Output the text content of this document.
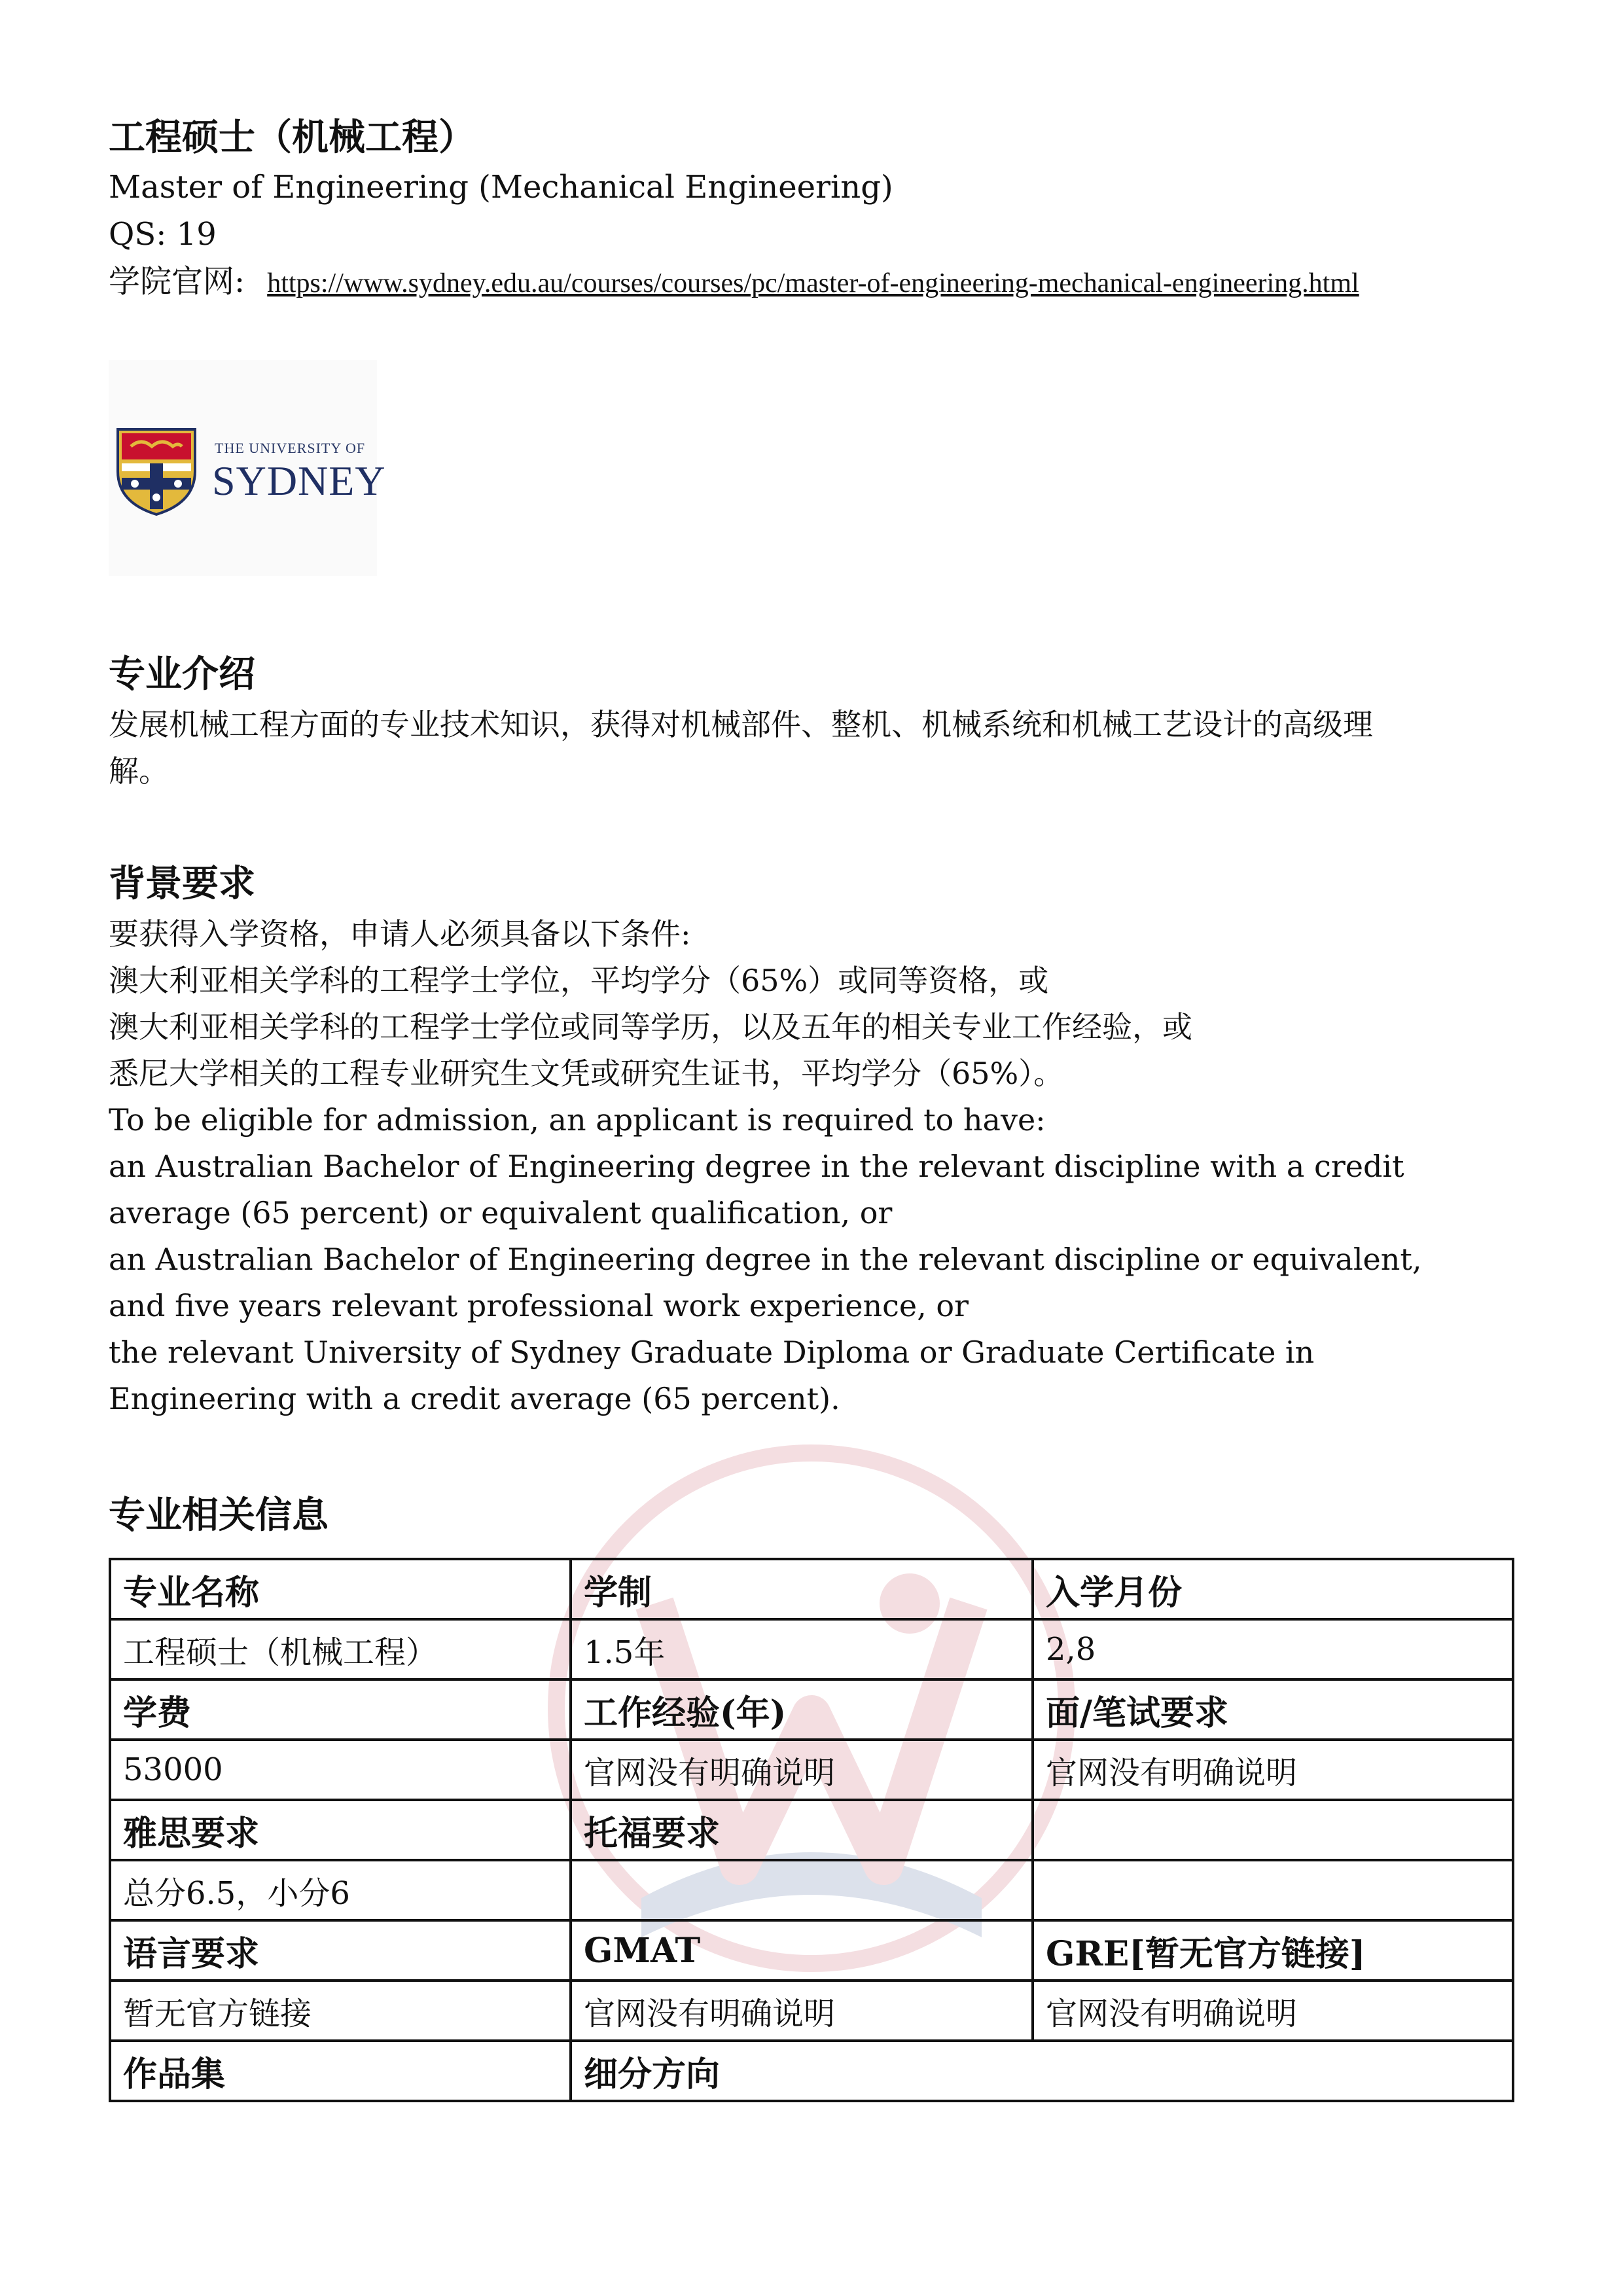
工程硕士（机械工程）
Master of Engineering (Mechanical Engineering)
QS: 19
学院官网: https://www.sydney.edu.au/courses/courses/pc/master-of-engineering-mechanical-engineering.html
THE UNIVERSITY OF
SYDNEY
专业介绍
发展机械工程方面的专业技术知识，获得对机械部件、整机、机械系统和机械工艺设计的高级理
解。
背景要求
要获得入学资格，申请人必须具备以下条件:
澳大利亚相关学科的工程学士学位，平均学分（65%）或同等资格，或
澳大利亚相关学科的工程学士学位或同等学历，以及五年的相关专业工作经验，或
悉尼大学相关的工程专业研究生文凭或研究生证书，平均学分（65%）。
To be eligible for admission, an applicant is required to have:
an Australian Bachelor of Engineering degree in the relevant discipline with a credit
average (65 percent) or equivalent qualification, or
an Australian Bachelor of Engineering degree in the relevant discipline or equivalent,
and five years relevant professional work experience, or
the relevant University of Sydney Graduate Diploma or Graduate Certificate in
Engineering with a credit average (65 percent).
专业相关信息
专业名称	学制	入学月份
工程硕士（机械工程）	1.5年	2,8
学费	工作经验(年)	面/笔试要求
53000	官网没有明确说明	官网没有明确说明
雅思要求	托福要求	
总分6.5，小分6		
语言要求	GMAT	GRE[暂无官方链接]
暂无官方链接	官网没有明确说明	官网没有明确说明
作品集	细分方向	
